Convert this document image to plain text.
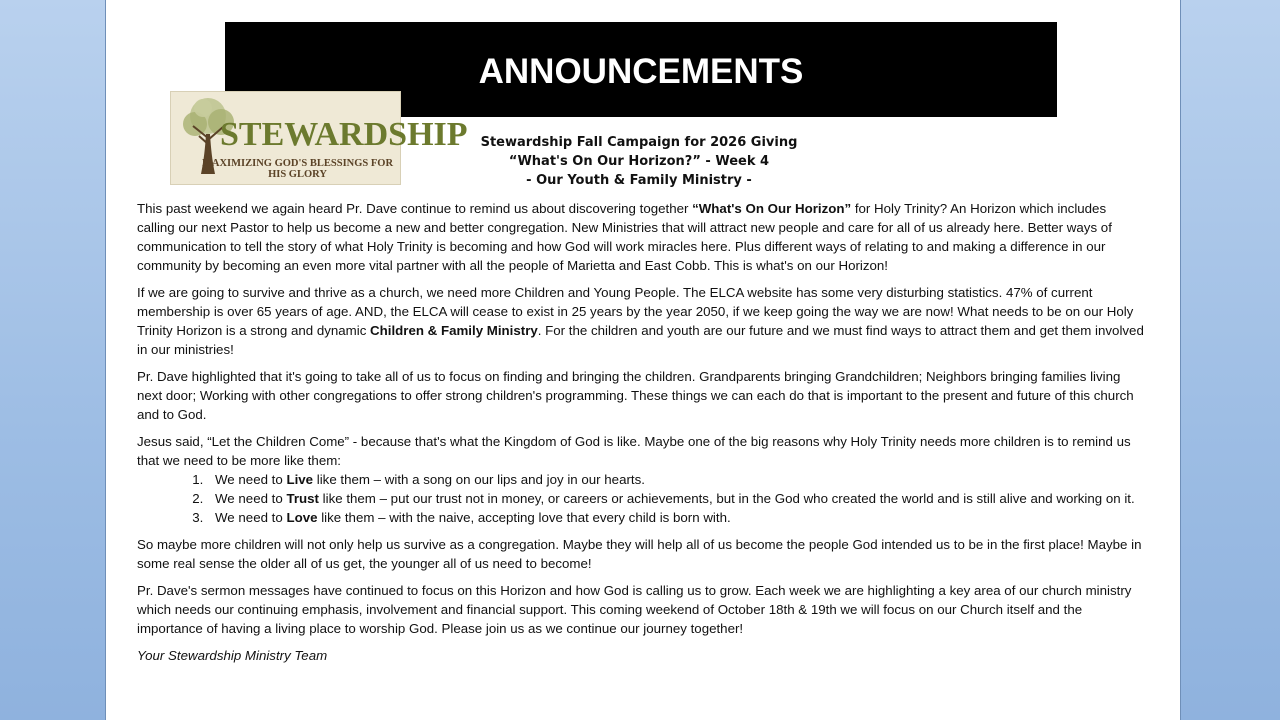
ANNOUNCEMENTS
STEWARDSHIP
MAXIMIZING GOD'S BLESSINGS FOR HIS GLORY
Stewardship Fall Campaign for 2026 Giving
“What's On Our Horizon?” - Week 4
- Our Youth & Family Ministry -

This past weekend we again heard Pr. Dave continue to remind us about discovering together “What's On Our Horizon” for Holy Trinity? An Horizon which includes calling our next Pastor to help us become a new and better congregation. New Ministries that will attract new people and care for all of us already here. Better ways of communication to tell the story of what Holy Trinity is becoming and how God will work miracles here. Plus different ways of relating to and making a difference in our community by becoming an even more vital partner with all the people of Marietta and East Cobb. This is what's on our Horizon!

If we are going to survive and thrive as a church, we need more Children and Young People. The ELCA website has some very disturbing statistics. 47% of current membership is over 65 years of age. AND, the ELCA will cease to exist in 25 years by the year 2050, if we keep going the way we are now! What needs to be on our Holy Trinity Horizon is a strong and dynamic Children & Family Ministry. For the children and youth are our future and we must find ways to attract them and get them involved in our ministries!

Pr. Dave highlighted that it's going to take all of us to focus on finding and bringing the children. Grandparents bringing Grandchildren; Neighbors bringing families living next door; Working with other congregations to offer strong children's programming. These things we can each do that is important to the present and future of this church and to God.

Jesus said, “Let the Children Come” - because that's what the Kingdom of God is like. Maybe one of the big reasons why Holy Trinity needs more children is to remind us that we need to be more like them:

1. We need to Live like them – with a song on our lips and joy in our hearts.
2. We need to Trust like them – put our trust not in money, or careers or achievements, but in the God who created the world and is still alive and working on it.
3. We need to Love like them – with the naive, accepting love that every child is born with.

So maybe more children will not only help us survive as a congregation. Maybe they will help all of us become the people God intended us to be in the first place! Maybe in some real sense the older all of us get, the younger all of us need to become!

Pr. Dave's sermon messages have continued to focus on this Horizon and how God is calling us to grow. Each week we are highlighting a key area of our church ministry which needs our continuing emphasis, involvement and financial support. This coming weekend of October 18th & 19th we will focus on our Church itself and the importance of having a living place to worship God. Please join us as we continue our journey together!

Your Stewardship Ministry Team
